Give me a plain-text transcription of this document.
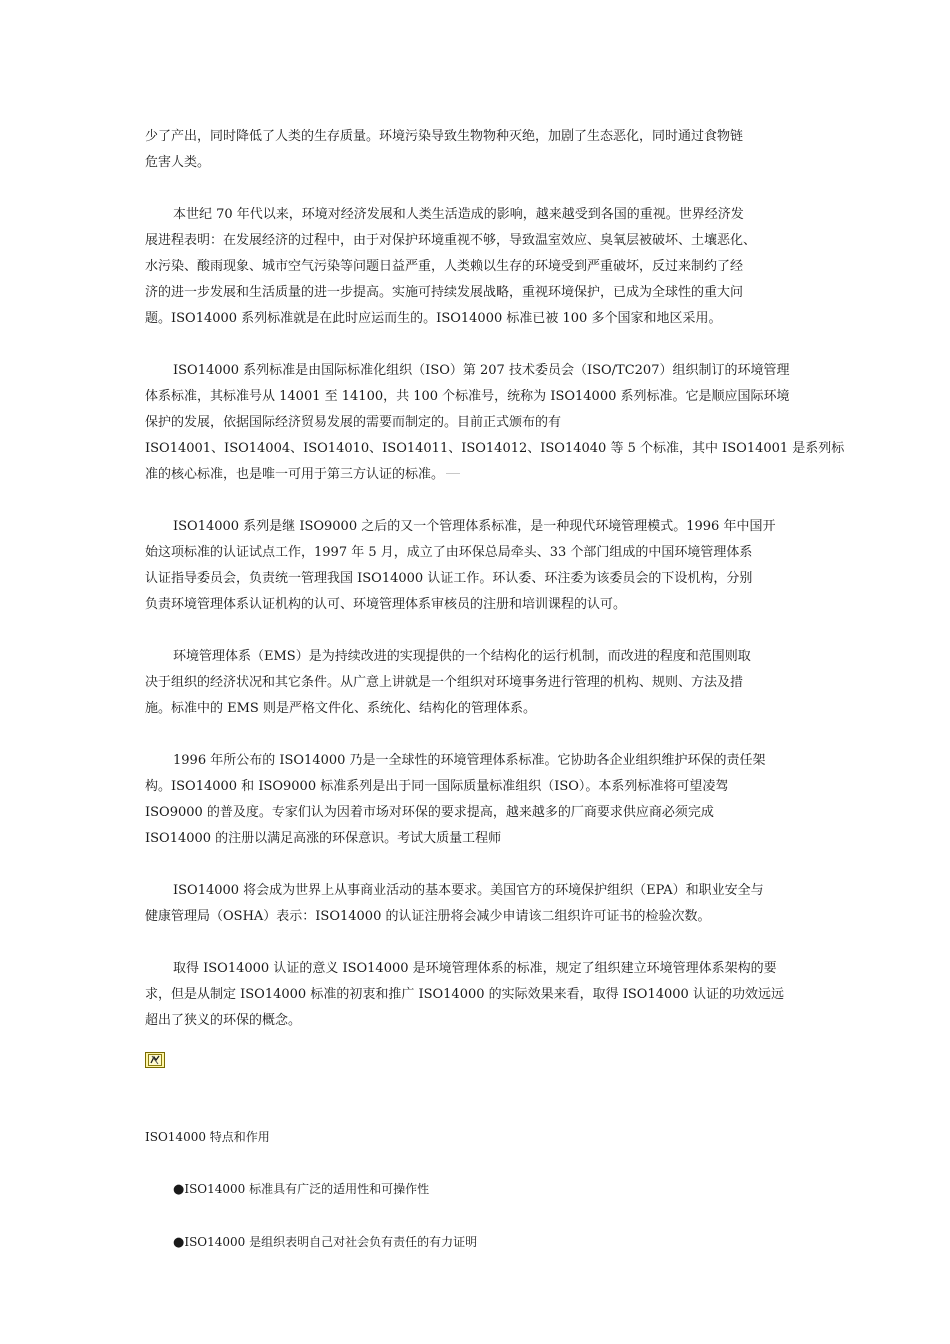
少了产出，同时降低了人类的生存质量。环境污染导致生物物种灭绝，加剧了生态恶化，同时通过食物链
危害人类。
本世纪 70 年代以来，环境对经济发展和人类生活造成的影响，越来越受到各国的重视。世界经济发
展进程表明：在发展经济的过程中，由于对保护环境重视不够，导致温室效应、臭氧层被破坏、土壤恶化、
水污染、酸雨现象、城市空气污染等问题日益严重，人类赖以生存的环境受到严重破坏，反过来制约了经
济的进一步发展和生活质量的进一步提高。实施可持续发展战略，重视环境保护，已成为全球性的重大问
题。ISO14000 系列标准就是在此时应运而生的。ISO14000 标准已被 100 多个国家和地区采用。
ISO14000 系列标准是由国际标准化组织（ISO）第 207 技术委员会（ISO/TC207）组织制订的环境管理
体系标准，其标准号从 14001 至 14100，共 100 个标准号，统称为 ISO14000 系列标准。它是顺应国际环境
保护的发展，依据国际经济贸易发展的需要而制定的。目前正式颁布的有
ISO14001、ISO14004、ISO14010、ISO14011、ISO14012、ISO14040 等 5 个标准，其中 ISO14001 是系列标
准的核心标准，也是唯一可用于第三方认证的标准。
ISO14000 系列是继 ISO9000 之后的又一个管理体系标准，是一种现代环境管理模式。1996 年中国开
始这项标准的认证试点工作，1997 年 5 月，成立了由环保总局牵头、33 个部门组成的中国环境管理体系
认证指导委员会，负责统一管理我国 ISO14000 认证工作。环认委、环注委为该委员会的下设机构，分别
负责环境管理体系认证机构的认可、环境管理体系审核员的注册和培训课程的认可。
环境管理体系（EMS）是为持续改进的实现提供的一个结构化的运行机制，而改进的程度和范围则取
决于组织的经济状况和其它条件。从广意上讲就是一个组织对环境事务进行管理的机构、规则、方法及措
施。标准中的 EMS 则是严格文件化、系统化、结构化的管理体系。
1996 年所公布的 ISO14000 乃是一全球性的环境管理体系标准。它协助各企业组织维护环保的责任架
构。ISO14000 和 ISO9000 标准系列是出于同一国际质量标准组织（ISO）。本系列标准将可望凌驾
ISO9000 的普及度。专家们认为因着市场对环保的要求提高，越来越多的厂商要求供应商必须完成
ISO14000 的注册以满足高涨的环保意识。考试大质量工程师
ISO14000 将会成为世界上从事商业活动的基本要求。美国官方的环境保护组织（EPA）和职业安全与
健康管理局（OSHA）表示：ISO14000 的认证注册将会减少申请该二组织许可证书的检验次数。
取得 ISO14000 认证的意义 ISO14000 是环境管理体系的标准，规定了组织建立环境管理体系架构的要
求，但是从制定 ISO14000 标准的初衷和推广 ISO14000 的实际效果来看，取得 ISO14000 认证的功效远远
超出了狭义的环保的概念。

ISO14000 特点和作用

●ISO14000 标准具有广泛的适用性和可操作性

●ISO14000 是组织表明自己对社会负有责任的有力证明
